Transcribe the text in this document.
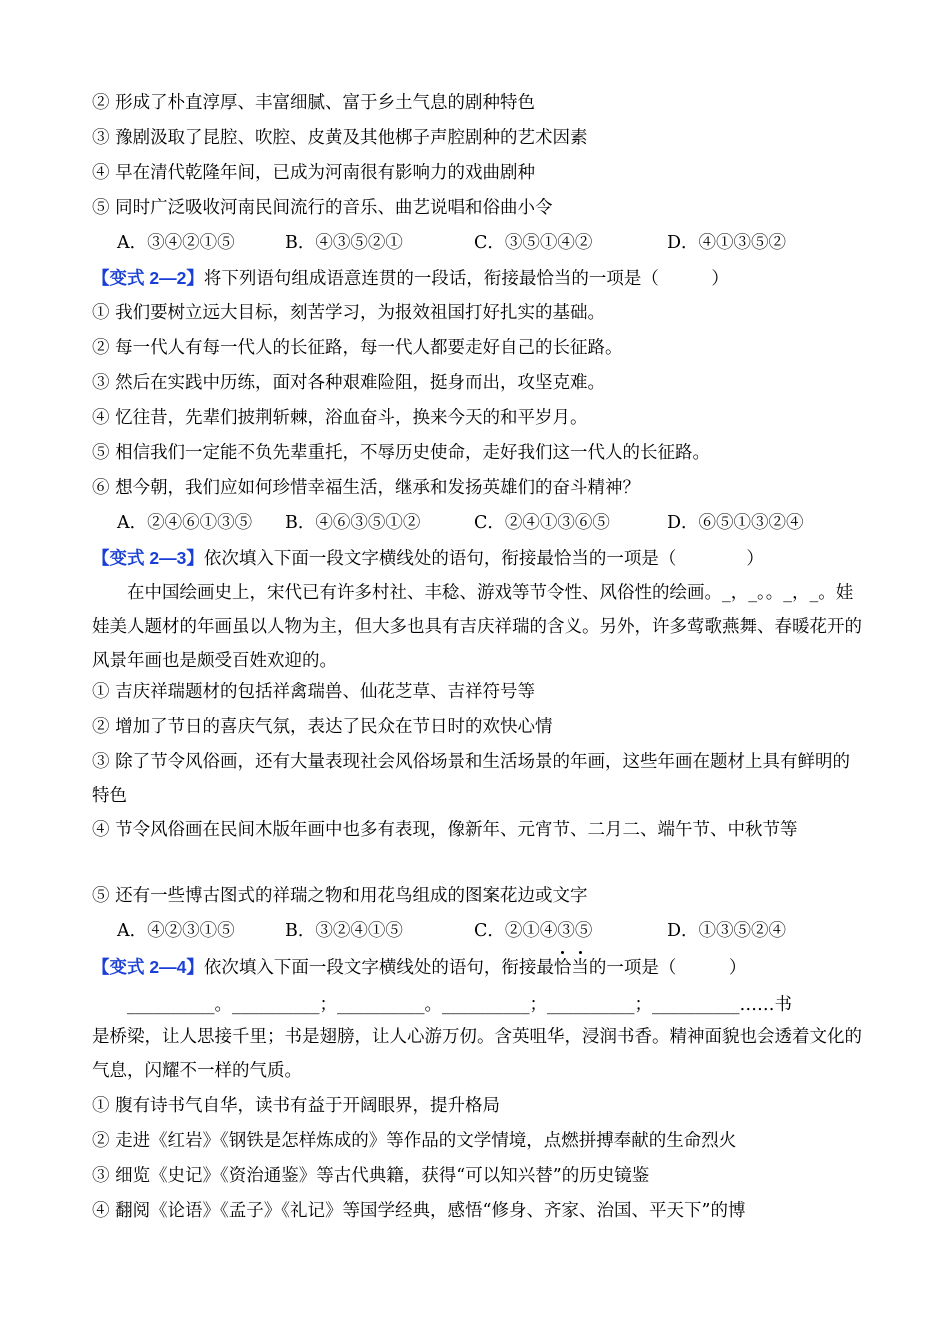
② 形成了朴直淳厚、丰富细腻、富于乡土气息的剧种特色
③ 豫剧汲取了昆腔、吹腔、皮黄及其他梆子声腔剧种的艺术因素
④ 早在清代乾隆年间，已成为河南很有影响力的戏曲剧种
⑤ 同时广泛吸收河南民间流行的音乐、曲艺说唱和俗曲小令
A．③④②①⑤	B．④③⑤②①	C．③⑤①④②	D．④①③⑤②
【变式 2—2】将下列语句组成语意连贯的一段话，衔接最恰当的一项是（　　　）
① 我们要树立远大目标，刻苦学习，为报效祖国打好扎实的基础。
② 每一代人有每一代人的长征路，每一代人都要走好自己的长征路。
③ 然后在实践中历练，面对各种艰难险阻，挺身而出，攻坚克难。
④ 忆往昔，先辈们披荆斩棘，浴血奋斗，换来今天的和平岁月。
⑤ 相信我们一定能不负先辈重托，不辱历史使命，走好我们这一代人的长征路。
⑥ 想今朝，我们应如何珍惜幸福生活，继承和发扬英雄们的奋斗精神？
A．②④⑥①③⑤ B．④⑥③⑤①②	C．②④①③⑥⑤	D．⑥⑤①③②④
【变式 2—3】依次填入下面一段文字横线处的语句，衔接最恰当的一项是（　　　　）
　　在中国绘画史上，宋代已有许多村社、丰稔、游戏等节令性、风俗性的绘画。_，_。。_，_。娃娃美人题材的年画虽以人物为主，但大多也具有吉庆祥瑞的含义。另外，许多莺歌燕舞、春暖花开的风景年画也是颇受百姓欢迎的。
① 吉庆祥瑞题材的包括祥禽瑞兽、仙花芝草、吉祥符号等
② 增加了节日的喜庆气氛，表达了民众在节日时的欢快心情
③ 除了节令风俗画，还有大量表现社会风俗场景和生活场景的年画，这些年画在题材上具有鲜明的特色
④ 节令风俗画在民间木版年画中也多有表现，像新年、元宵节、二月二、端午节、中秋节等
⑤ 还有一些博古图式的祥瑞之物和用花鸟组成的图案花边或文字
A．④②③①⑤	B．③②④①⑤	C．②①④③⑤	D．①③⑤②④
【变式 2—4】依次填入下面一段文字横线处的语句，衔接最恰当的一项是（　　　）
　　__________。__________；__________。__________；__________；__________……书
是桥梁，让人思接千里；书是翅膀，让人心游万仞。含英咀华，浸润书香。精神面貌也会透着文化的气息，闪耀不一样的气质。
① 腹有诗书气自华，读书有益于开阔眼界，提升格局
② 走进《红岩》《钢铁是怎样炼成的》等作品的文学情境，点燃拼搏奉献的生命烈火
③ 细览《史记》《资治通鉴》等古代典籍，获得“可以知兴替”的历史镜鉴
④ 翻阅《论语》《孟子》《礼记》等国学经典，感悟“修身、齐家、治国、平天下”的博
